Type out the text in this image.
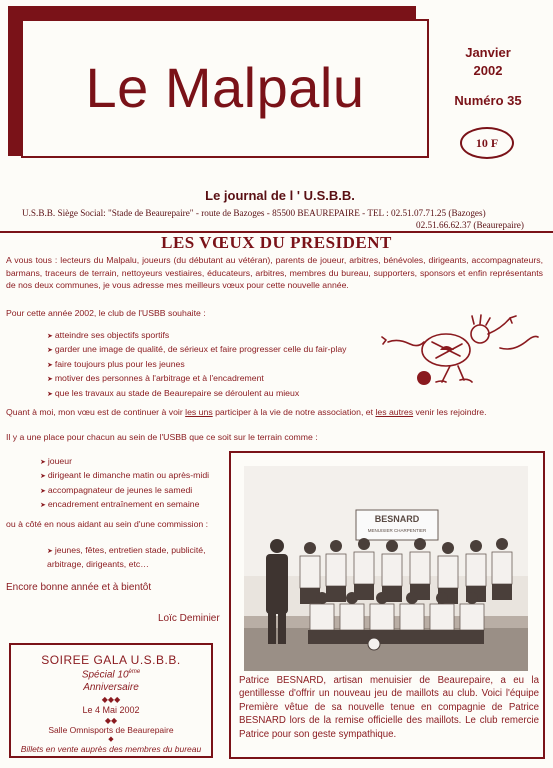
Le Malpalu
Janvier
2002
Numéro 35
10 F
Le journal de l ' U.S.B.B.
U.S.B.B. Siège Social: "Stade de Beaurepaire" - route de Bazoges - 85500 BEAUREPAIRE - TEL : 02.51.07.71.25 (Bazoges)
02.51.66.62.37 (Beaurepaire)
LES VŒUX DU PRESIDENT
A vous tous : lecteurs du Malpalu, joueurs (du débutant au vétéran), parents de joueur, arbitres, bénévoles, dirigeants, accompagnateurs, barmans, traceurs de terrain, nettoyeurs vestiaires, éducateurs, arbitres, membres du bureau, supporters, sponsors et enfin représentants de nos deux communes, je vous adresse mes meilleurs vœux pour cette nouvelle année.
Pour cette année 2002, le club de l'USBB souhaite :
➤ atteindre ses objectifs sportifs
➤ garder une image de qualité, de sérieux et faire progresser celle du fair-play
➤ faire toujours plus pour les jeunes
➤ motiver des personnes à l'arbitrage et à l'encadrement
➤ que les travaux au stade de Beaurepaire se déroulent au mieux
Quant à moi, mon vœu est de continuer à voir les uns participer à la vie de notre association, et les autres venir les rejoindre.
Il y a une place pour chacun au sein de l'USBB que ce soit sur le terrain comme :
➤ joueur
➤ dirigeant le dimanche matin ou après-midi
➤ accompagnateur de jeunes le samedi
➤ encadrement entraînement en semaine
ou à côté en nous aidant au sein d'une commission :
➤ jeunes, fêtes, entretien stade, publicité,
arbitrage, dirigeants, etc…
Encore bonne année et à bientôt
Loïc Deminier
SOIREE GALA U.S.B.B.
Spécial 10ème
Anniversaire
◆◆◆
Le 4 Mai 2002
◆◆
Salle Omnisports de Beaurepaire
◆
Billets en vente auprès des membres du bureau
BESNARD
MENUISIER CHARPENTIER
Patrice BESNARD, artisan menuisier de Beaurepaire, a eu la gentillesse d'offrir un nouveau jeu de maillots au club. Voici l'équipe Première vêtue de sa nouvelle tenue en compagnie de Patrice BESNARD lors de la remise officielle des maillots. Le club remercie Patrice pour son geste sympathique.
